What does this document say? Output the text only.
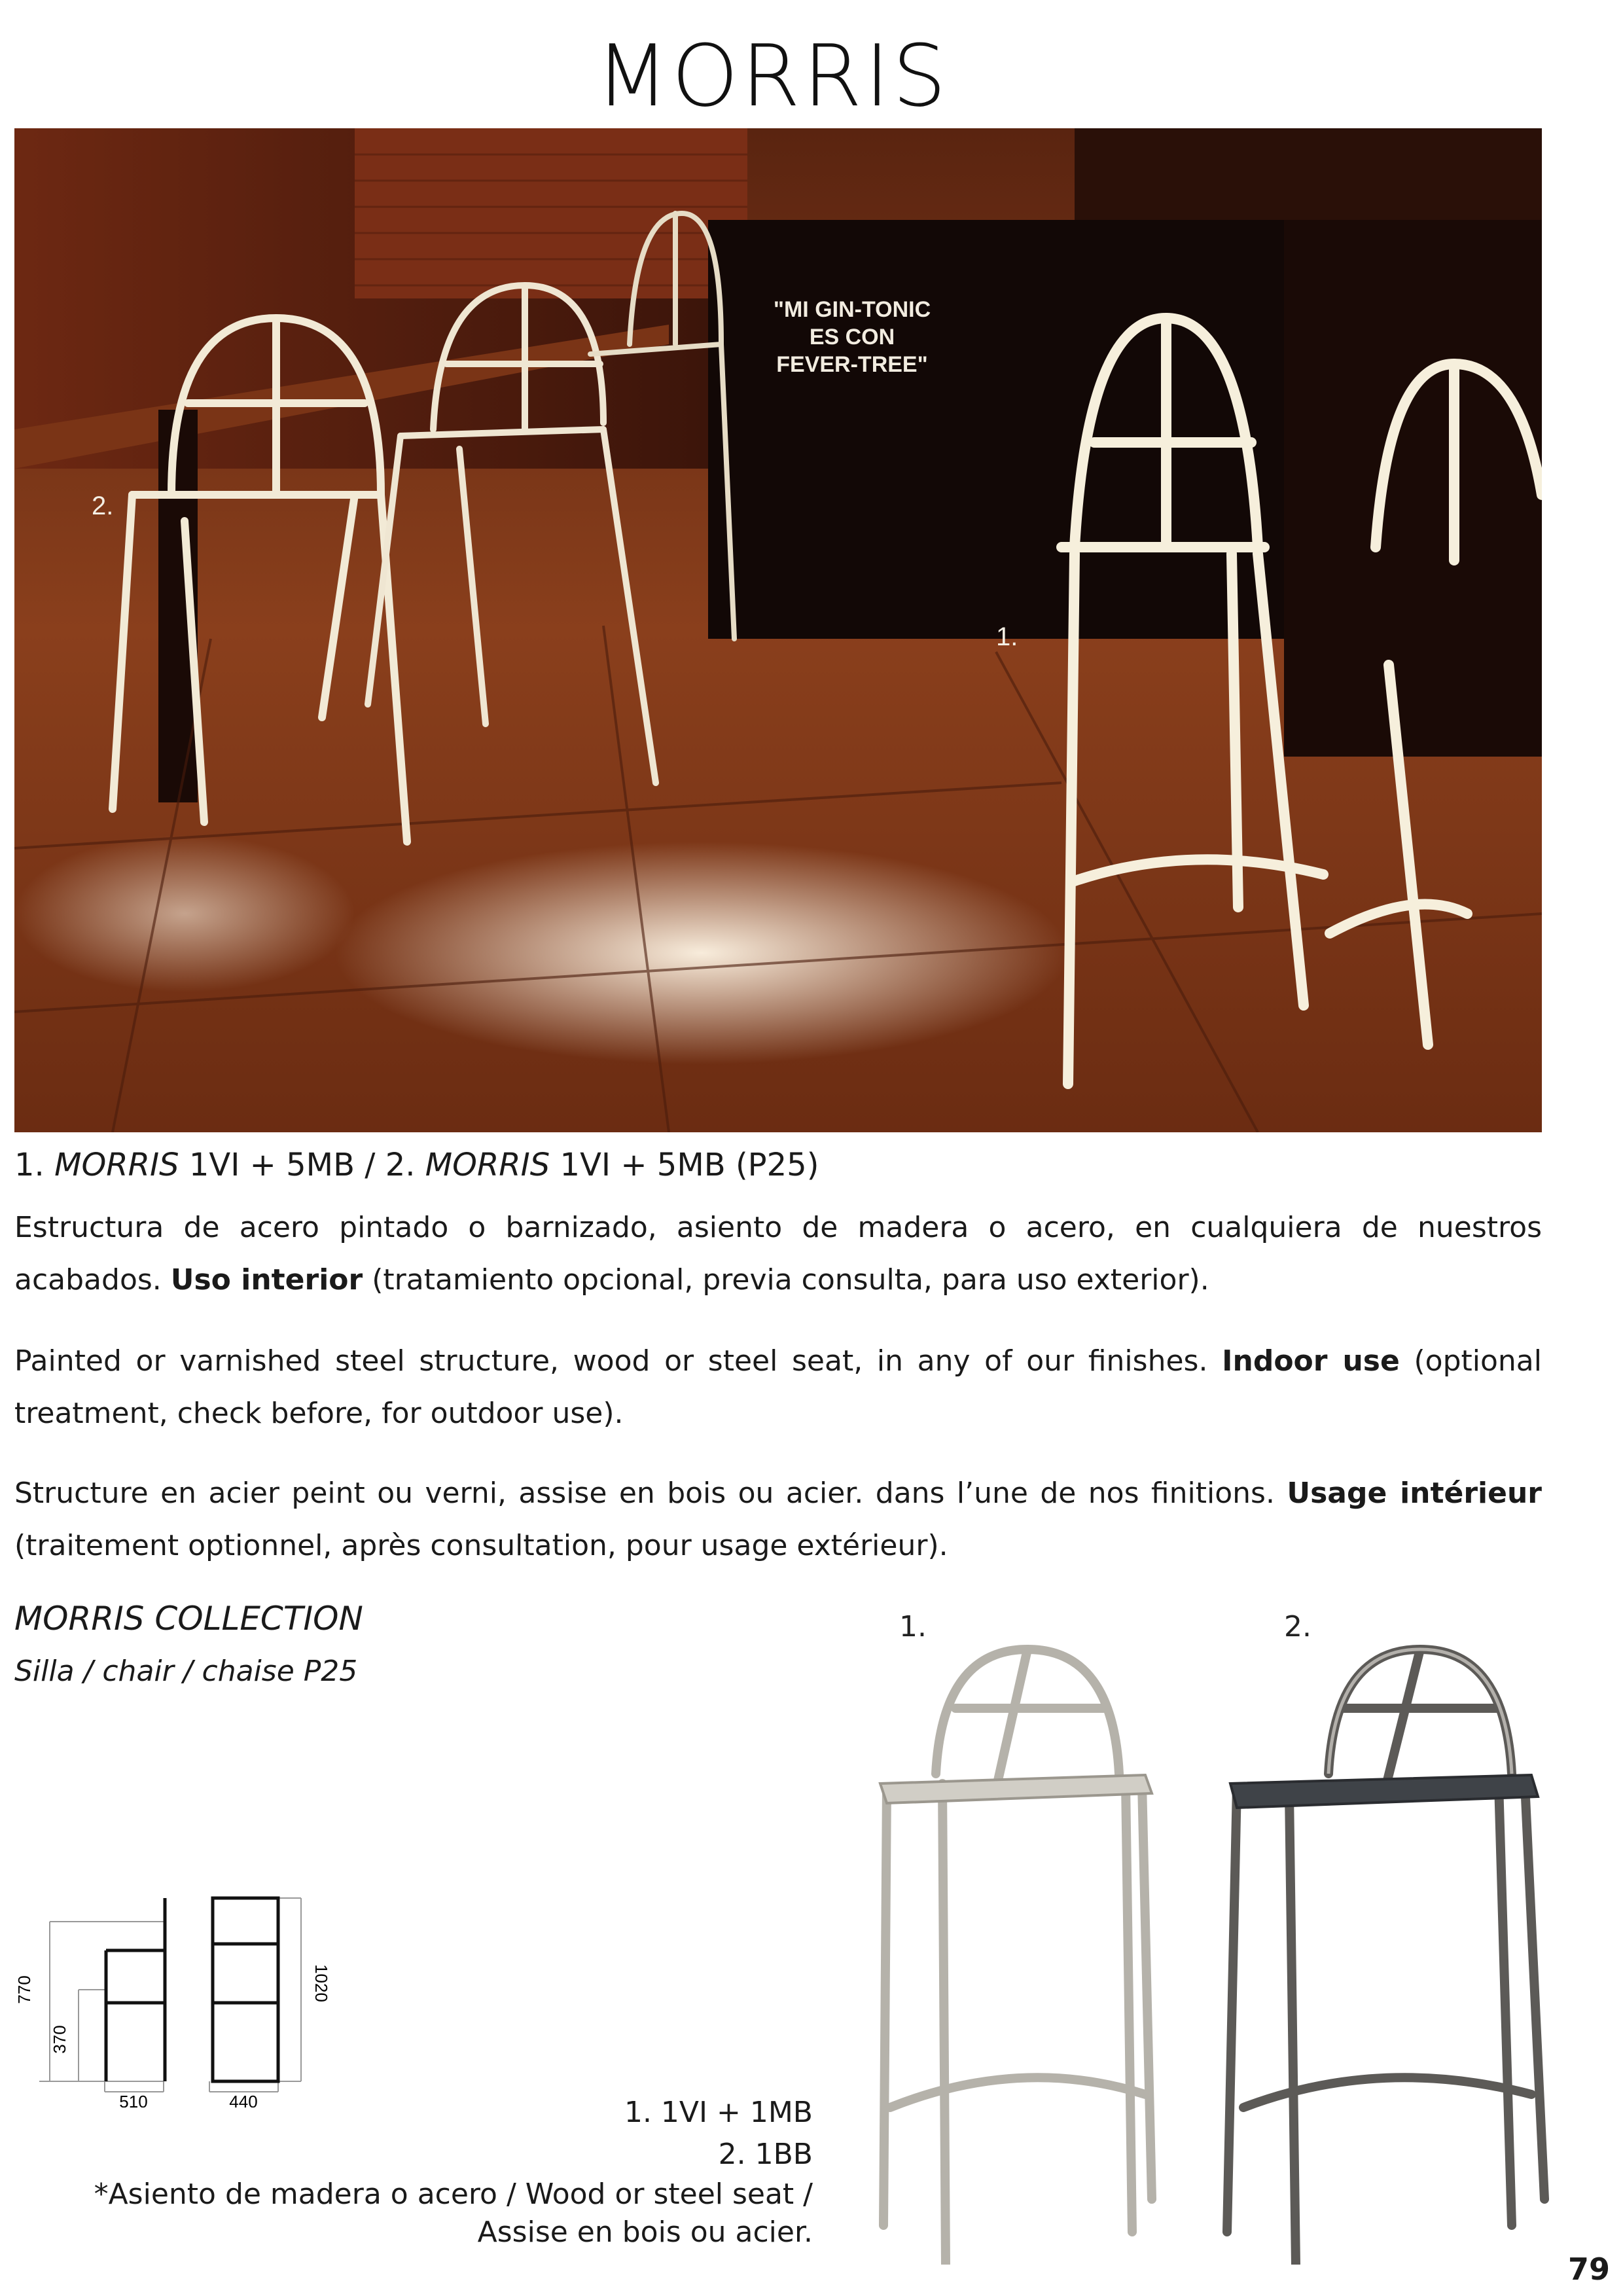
MORRIS
"MI GIN-TONIC
ES CON
FEVER-TREE"
2.
1.
1. MORRIS 1VI + 5MB / 2. MORRIS 1VI + 5MB (P25)
Estructura de acero pintado o barnizado, asiento de madera o acero, en cualquiera de nuestros acabados. Uso interior (tratamiento opcional, previa consulta, para uso exterior).
Painted or varnished steel structure, wood or steel seat, in any of our finishes. Indoor use (optional treatment, check before, for outdoor use).
Structure en acier peint ou verni, assise en bois ou acier. dans l’une de nos finitions. Usage intérieur (traitement optionnel, après consultation, pour usage extérieur).
MORRIS COLLECTION
Silla / chair / chaise P25
770
370
510	440
1020
1.	2.
1. 1VI + 1MB
2. 1BB
*Asiento de madera o acero / Wood or steel seat /
Assise en bois ou acier.
79
